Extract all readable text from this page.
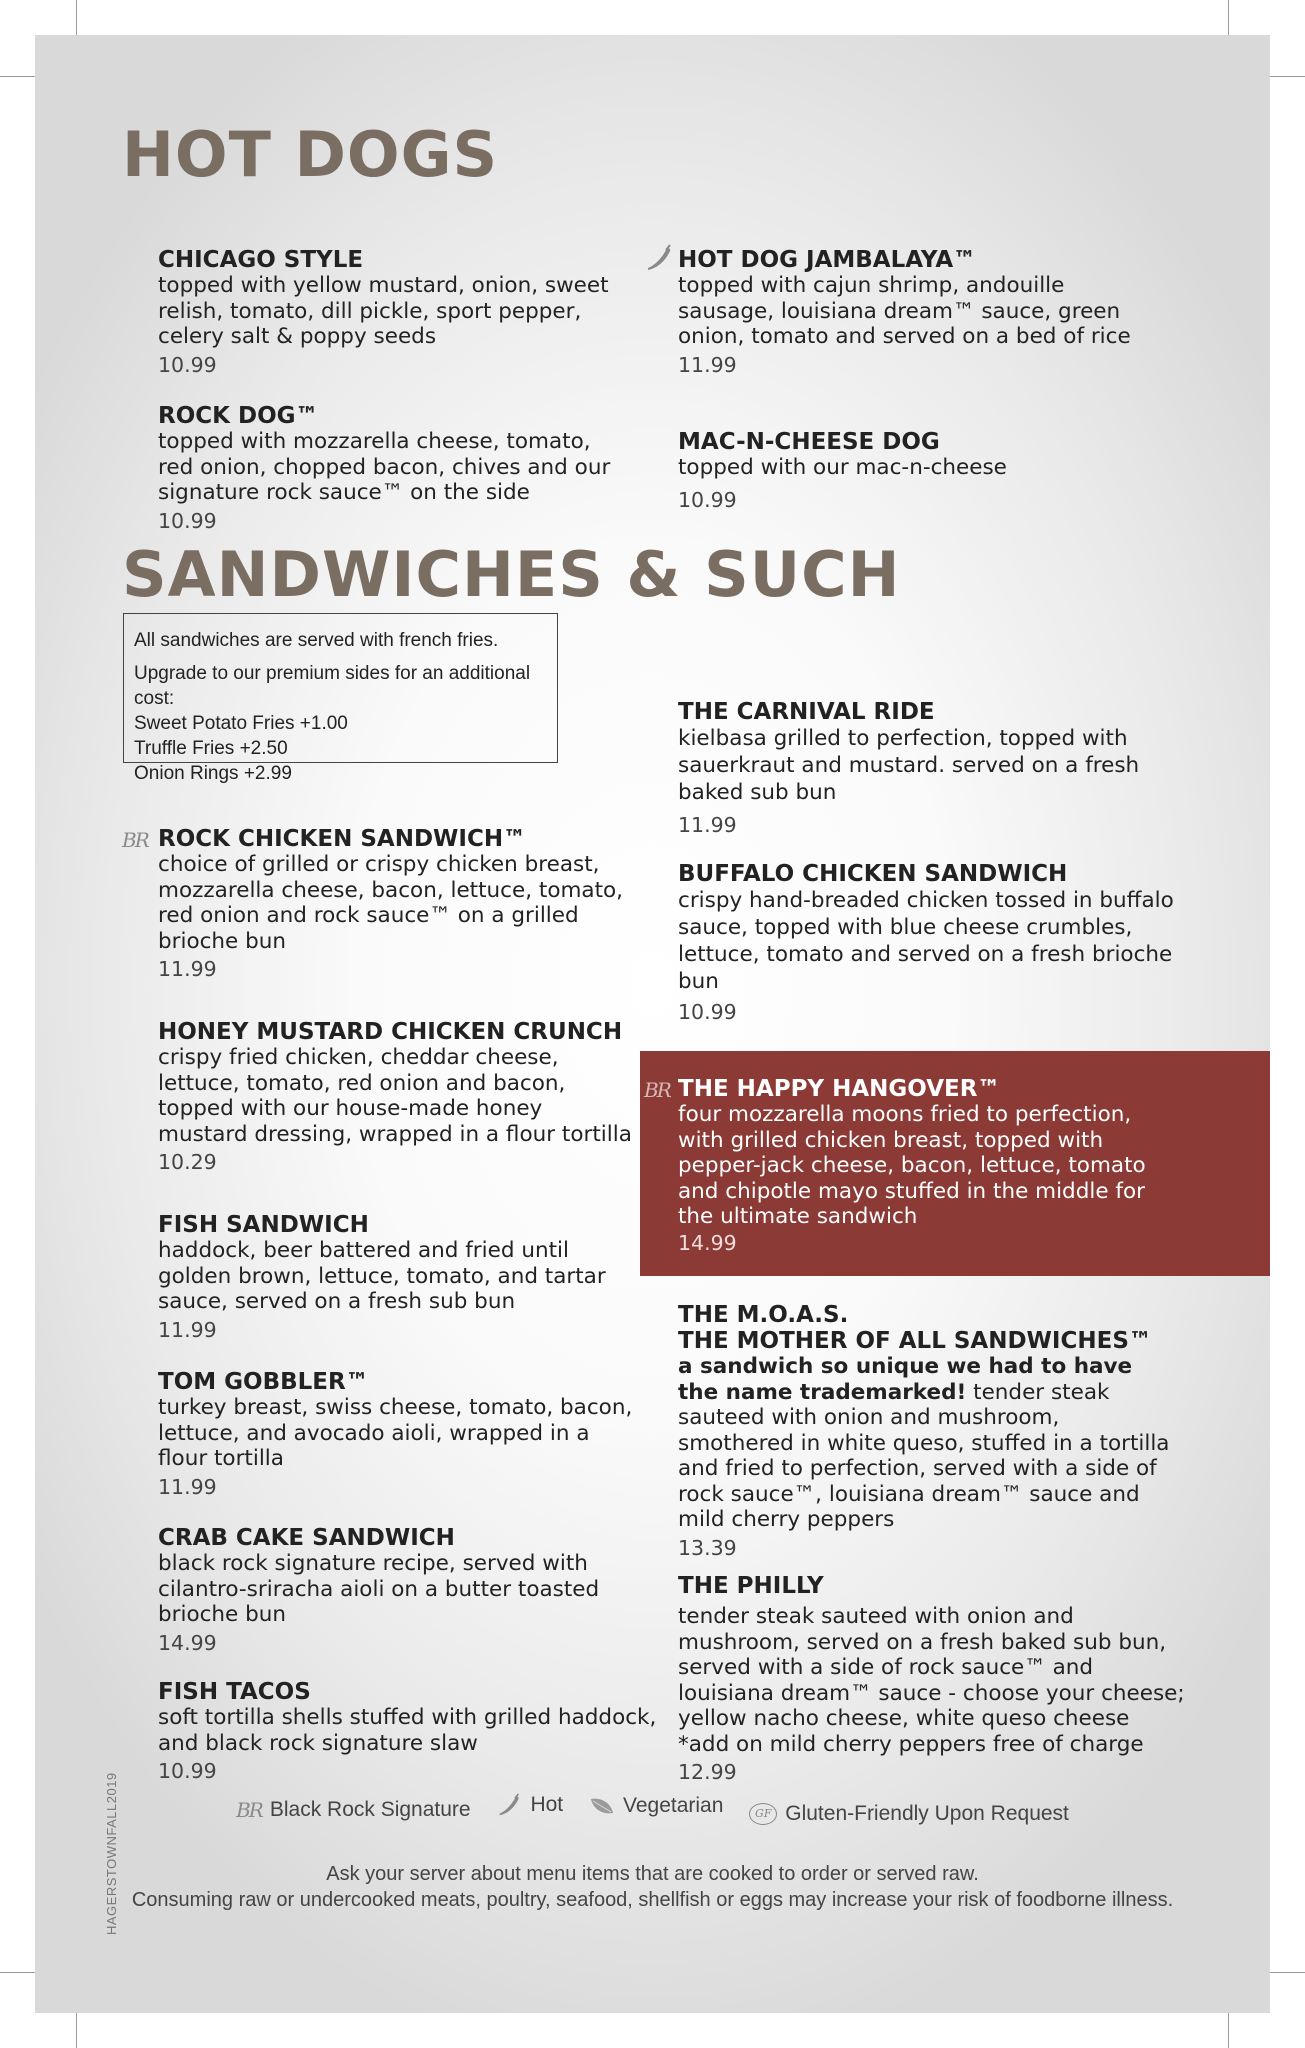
HOT DOGS

CHICAGO STYLE

topped with yellow mustard, onion, sweet relish, tomato, dill pickle, sport pepper, celery salt & poppy seeds

10.99

ROCK DOG™

topped with mozzarella cheese, tomato, red onion, chopped bacon, chives and our signature rock sauce™ on the side

10.99

HOT DOG JAMBALAYA™

topped with cajun shrimp, andouille sausage, louisiana dream™ sauce, green onion, tomato and served on a bed of rice

11.99

MAC-N-CHEESE DOG

topped with our mac-n-cheese

10.99

SANDWICHES & SUCH

All sandwiches are served with french fries.

Upgrade to our premium sides for an additional cost:

Sweet Potato Fries +1.00

Truffle Fries +2.50

Onion Rings +2.99

BR ROCK CHICKEN SANDWICH™

choice of grilled or crispy chicken breast, mozzarella cheese, bacon, lettuce, tomato, red onion and rock sauce™ on a grilled brioche bun

11.99

HONEY MUSTARD CHICKEN CRUNCH

crispy fried chicken, cheddar cheese, lettuce, tomato, red onion and bacon, topped with our house-made honey mustard dressing, wrapped in a flour tortilla

10.29

FISH SANDWICH

haddock, beer battered and fried until golden brown, lettuce, tomato, and tartar sauce, served on a fresh sub bun

11.99

TOM GOBBLER™

turkey breast, swiss cheese, tomato, bacon, lettuce, and avocado aioli, wrapped in a flour tortilla

11.99

CRAB CAKE SANDWICH

black rock signature recipe, served with cilantro-sriracha aioli on a butter toasted brioche bun

14.99

FISH TACOS

soft tortilla shells stuffed with grilled haddock, and black rock signature slaw

10.99

THE CARNIVAL RIDE

kielbasa grilled to perfection, topped with sauerkraut and mustard. served on a fresh baked sub bun

11.99

BUFFALO CHICKEN SANDWICH

crispy hand-breaded chicken tossed in buffalo sauce, topped with blue cheese crumbles, lettuce, tomato and served on a fresh brioche bun

10.99

BR THE HAPPY HANGOVER™

four mozzarella moons fried to perfection, with grilled chicken breast, topped with pepper-jack cheese, bacon, lettuce, tomato and chipotle mayo stuffed in the middle for the ultimate sandwich

14.99

THE M.O.A.S.

THE MOTHER OF ALL SANDWICHES™

a sandwich so unique we had to have the name trademarked! tender steak sauteed with onion and mushroom, smothered in white queso, stuffed in a tortilla and fried to perfection, served with a side of rock sauce™, louisiana dream™ sauce and mild cherry peppers

13.39

THE PHILLY

tender steak sauteed with onion and mushroom, served on a fresh baked sub bun, served with a side of rock sauce™ and louisiana dream™ sauce - choose your cheese; yellow nacho cheese, white queso cheese

*add on mild cherry peppers free of charge

12.99

BR Black Rock Signature
	Hot
	Vegetarian
	GF Gluten-Friendly Upon Request
Ask your server about menu items that are cooked to order or served raw.
Consuming raw or undercooked meats, poultry, seafood, shellfish or eggs may increase your risk of foodborne illness.
HAGERSTOWNFALL2019
